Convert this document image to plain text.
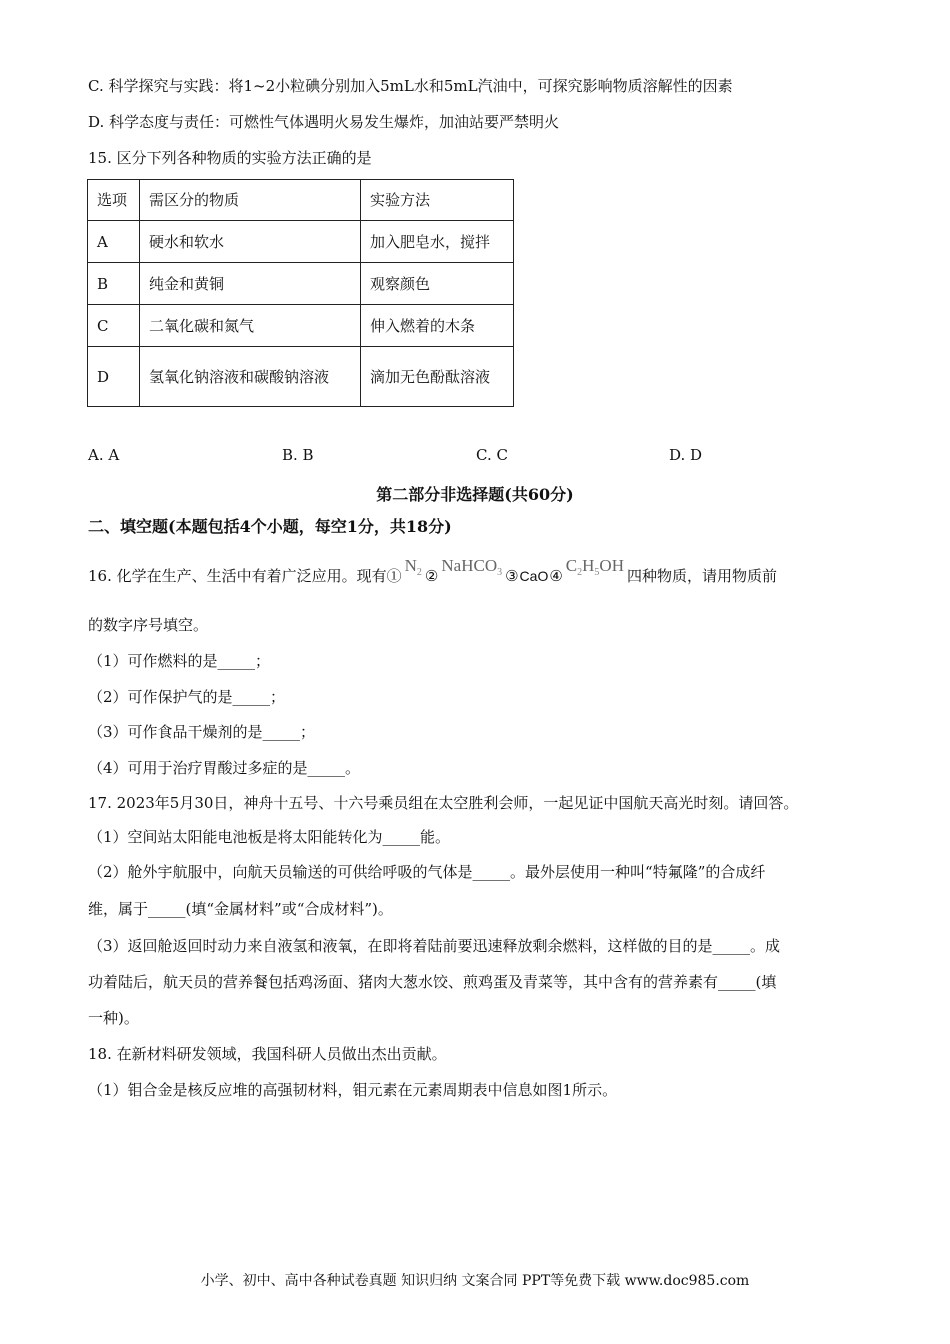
C. 科学探究与实践：将1~2小粒碘分别加入5mL水和5mL汽油中，可探究影响物质溶解性的因素
D. 科学态度与责任：可燃性气体遇明火易发生爆炸，加油站要严禁明火
15. 区分下列各种物质的实验方法正确的是
选项	需区分的物质	实验方法
A	硬水和软水	加入肥皂水，搅拌
B	纯金和黄铜	观察颜色
C	二氧化碳和氮气	伸入燃着的木条
D	氢氧化钠溶液和碳酸钠溶液	滴加无色酚酞溶液
A. A	B. B	C. C	D. D
第二部分非选择题(共60分)
二、填空题(本题包括4个小题，每空1分，共18分)
16. 化学在生产、生活中有着广泛应用。现有$①N_2$ ②NaHCO$_3$ $③CaO④C_2H_5OH$四种物质，请用物质前
的数字序号填空。
（1）可作燃料的是_____；
（2）可作保护气的是_____；
（3）可作食品干燥剂的是_____；
（4）可用于治疗胃酸过多症的是_____。
17. 2023年5月30日，神舟十五号、十六号乘员组在太空胜利会师，一起见证中国航天高光时刻。请回答。
（1）空间站太阳能电池板是将太阳能转化为_____能。
（2）舱外宇航服中，向航天员输送的可供给呼吸的气体是_____。最外层使用一种叫“特氟隆”的合成纤
维，属于_____(填“金属材料”或“合成材料”)。
（3）返回舱返回时动力来自液氢和液氧，在即将着陆前要迅速释放剩余燃料，这样做的目的是_____。成
功着陆后，航天员的营养餐包括鸡汤面、猪肉大葱水饺、煎鸡蛋及青菜等，其中含有的营养素有_____(填
一种)。
18. 在新材料研发领域，我国科研人员做出杰出贡献。
（1）钼合金是核反应堆的高强韧材料，钼元素在元素周期表中信息如图1所示。
小学、初中、高中各种试卷真题 知识归纳 文案合同 PPT等免费下载 www.doc985.com
